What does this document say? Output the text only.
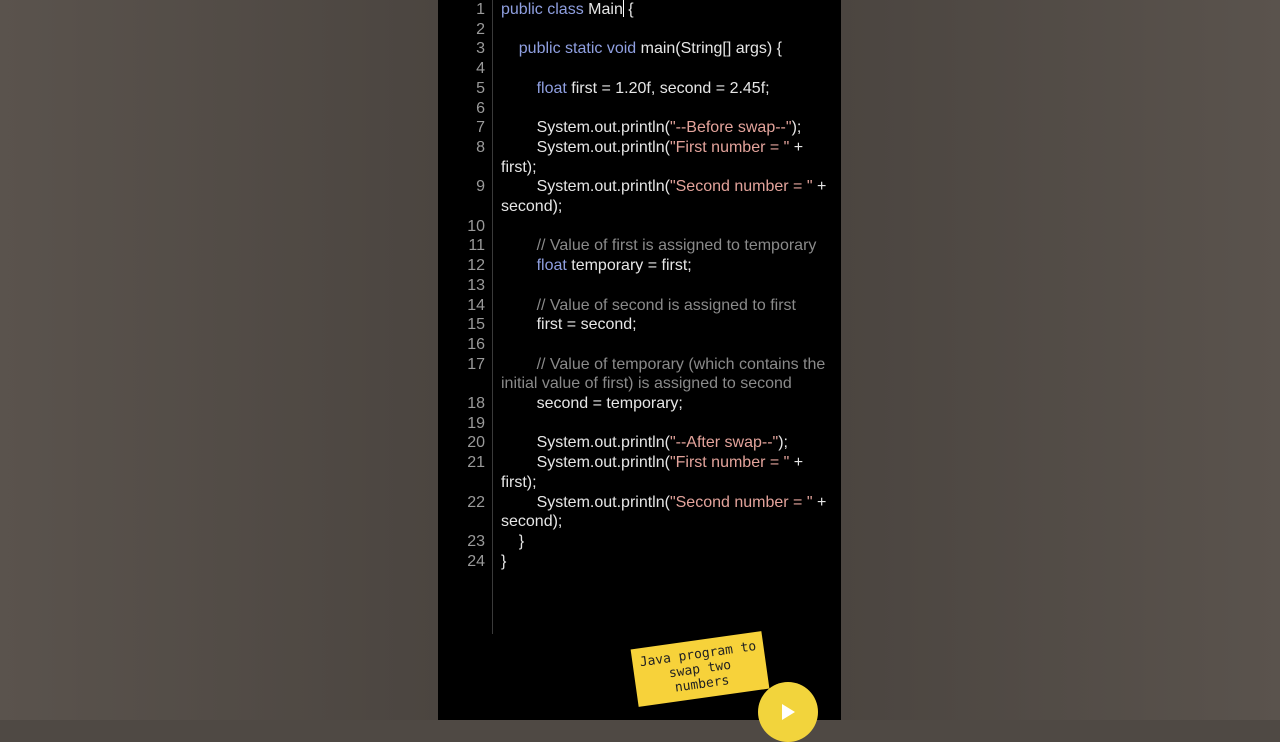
1	public class Main {
2

3	public static void main(String[] args) {
4

5	float first = 1.20f, second = 2.45f;
6

7	System.out.println("--Before swap--");
8	System.out.println("First number = " + first);
9	System.out.println("Second number = " + second);
10

11	// Value of first is assigned to temporary
12	float temporary = first;
13

14	// Value of second is assigned to first
15	first = second;
16

17	// Value of temporary (which contains the initial value of first) is assigned to second
18	second = temporary;
19

20	System.out.println("--After swap--");
21	System.out.println("First number = " + first);
22	System.out.println("Second number = " + second);
23	}
24	}
Java program to swap two numbers
